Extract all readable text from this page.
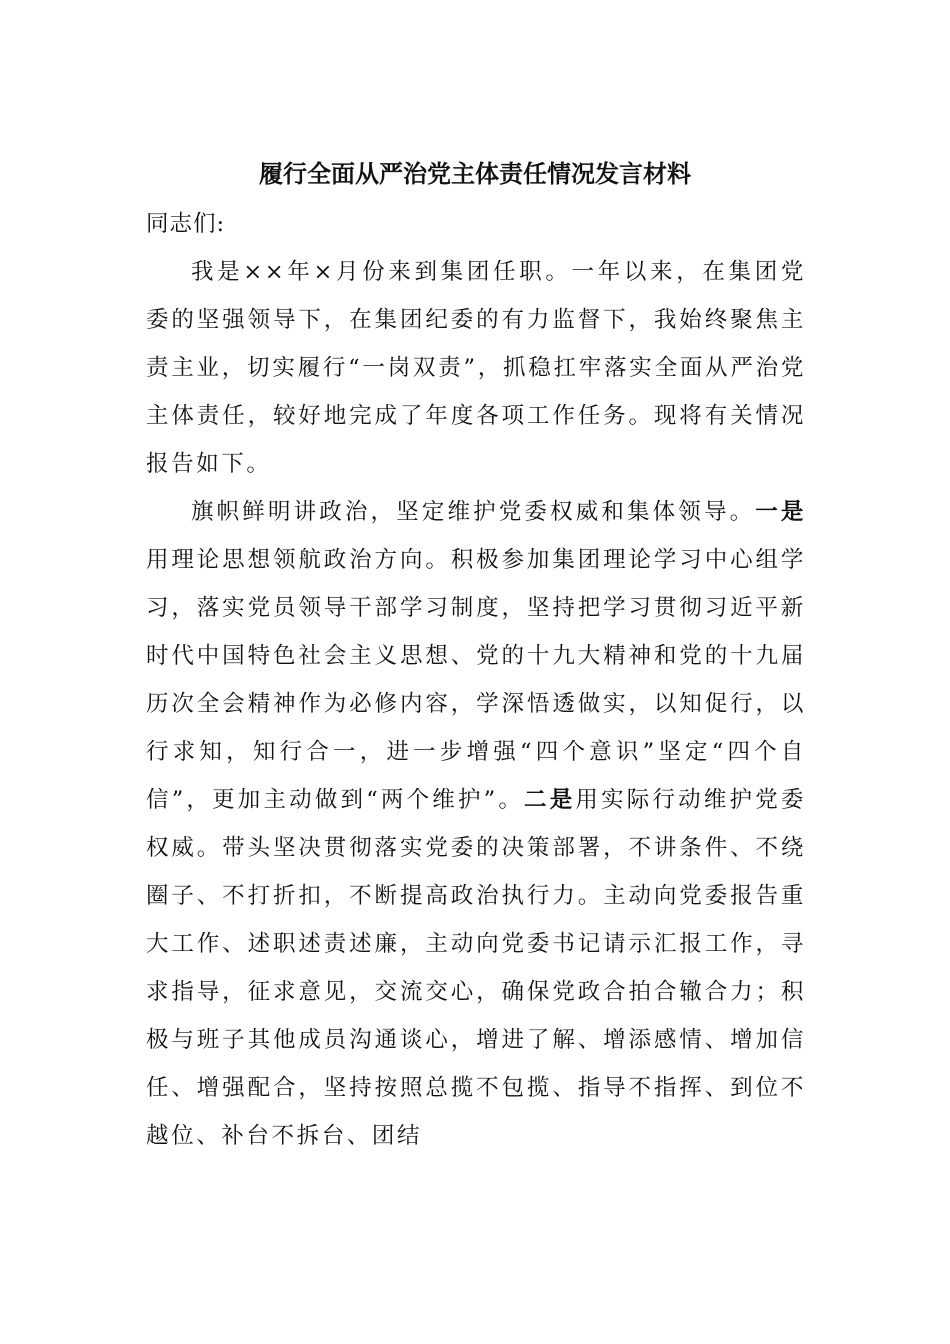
履行全面从严治党主体责任情况发言材料

同志们:

我是××年×月份来到集团任职。一年以来，在集团党委的坚强领导下，在集团纪委的有力监督下，我始终聚焦主责主业，切实履行“一岗双责”，抓稳扛牢落实全面从严治党主体责任，较好地完成了年度各项工作任务。现将有关情况报告如下。

旗帜鲜明讲政治，坚定维护党委权威和集体领导。一是用理论思想领航政治方向。积极参加集团理论学习中心组学习，落实党员领导干部学习制度，坚持把学习贯彻习近平新时代中国特色社会主义思想、党的十九大精神和党的十九届历次全会精神作为必修内容，学深悟透做实，以知促行，以行求知，知行合一，进一步增强“四个意识”坚定“四个自信”，更加主动做到“两个维护”。二是用实际行动维护党委权威。带头坚决贯彻落实党委的决策部署，不讲条件、不绕圈子、不打折扣，不断提高政治执行力。主动向党委报告重大工作、述职述责述廉，主动向党委书记请示汇报工作，寻求指导，征求意见，交流交心，确保党政合拍合辙合力；积极与班子其他成员沟通谈心，增进了解、增添感情、增加信任、增强配合，坚持按照总揽不包揽、指导不指挥、到位不越位、补台不拆台、团结
